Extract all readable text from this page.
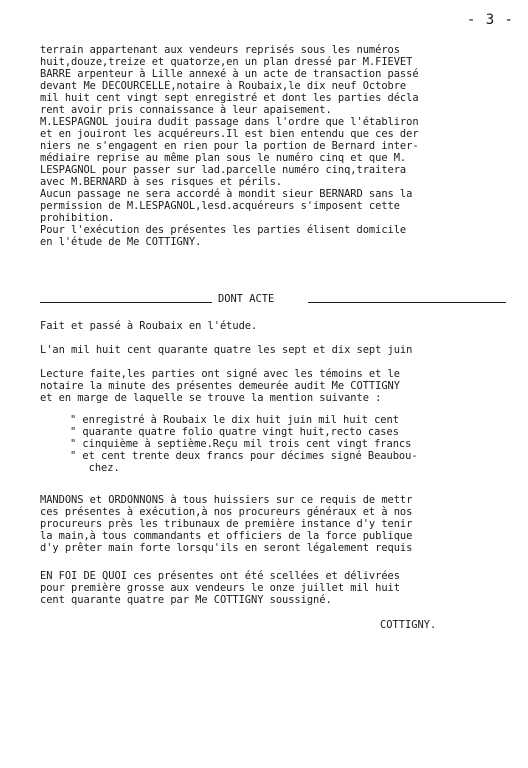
- 3 -
terrain appartenant aux vendeurs reprisés sous les numéros
huit,douze,treize et quatorze,en un plan dressé par M.FIEVET
BARRE arpenteur à Lille annexé à un acte de transaction passé
devant Me DECOURCELLE,notaire à Roubaix,le dix neuf Octobre
mil huit cent vingt sept enregistré et dont les parties décla
rent avoir pris connaissance à leur apaisement.
M.LESPAGNOL jouira dudit passage dans l'ordre que l'établiron
et en jouiront les acquéreurs.Il est bien entendu que ces der
niers ne s'engagent en rien pour la portion de Bernard inter-
médiaire reprise au même plan sous le numéro cinq et que M.
LESPAGNOL pour passer sur lad.parcelle numéro cinq,traitera
avec M.BERNARD à ses risques et périls.
Aucun passage ne sera accordé à mondit sieur BERNARD sans la
permission de M.LESPAGNOL,lesd.acquéreurs s'imposent cette
prohibition.
Pour l'exécution des présentes les parties élisent domicile
en l'étude de Me COTTIGNY.
DONT ACTE
Fait et passé à Roubaix en l'étude.
L'an mil huit cent quarante quatre les sept et dix sept juin
Lecture faite,les parties ont signé avec les témoins et le
notaire la minute des présentes demeurée audit Me COTTIGNY
et en marge de laquelle se trouve la mention suivante :
" enregistré à Roubaix le dix huit juin mil huit cent
" quarante quatre folio quatre vingt huit,recto cases
" cinquième à septième.Reçu mil trois cent vingt francs
" et cent trente deux francs pour décimes signé Beaubou-
chez.
MANDONS et ORDONNONS à tous huissiers sur ce requis de mettr
ces présentes à exécution,à nos procureurs généraux et à nos
procureurs près les tribunaux de première instance d'y tenir
la main,à tous commandants et officiers de la force publique
d'y prêter main forte lorsqu'ils en seront légalement requis
EN FOI DE QUOI ces présentes ont été scellées et délivrées
pour première grosse aux vendeurs le onze juillet mil huit
cent quarante quatre par Me COTTIGNY soussigné.
COTTIGNY.
